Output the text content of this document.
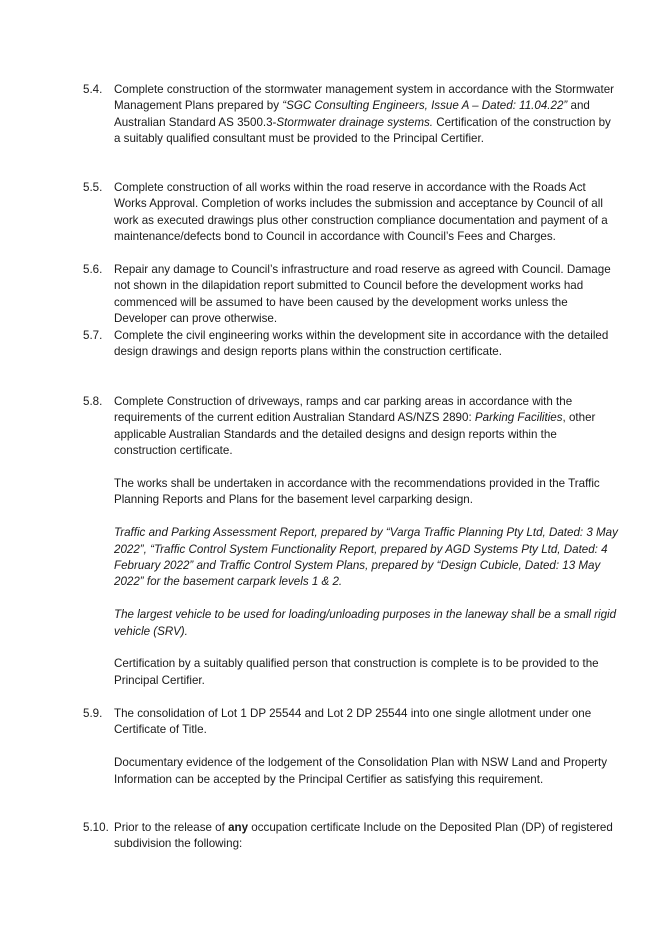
5.4.	Complete construction of the stormwater management system in accordance with the Stormwater Management Plans prepared by “SGC Consulting Engineers, Issue A – Dated: 11.04.22” and Australian Standard AS 3500.3-Stormwater drainage systems. Certification of the construction by a suitably qualified consultant must be provided to the Principal Certifier.

5.5.	Complete construction of all works within the road reserve in accordance with the Roads Act Works Approval. Completion of works includes the submission and acceptance by Council of all work as executed drawings plus other construction compliance documentation and payment of a maintenance/defects bond to Council in accordance with Council’s Fees and Charges.

5.6.	Repair any damage to Council’s infrastructure and road reserve as agreed with Council. Damage not shown in the dilapidation report submitted to Council before the development works had commenced will be assumed to have been caused by the development works unless the Developer can prove otherwise.

5.7.	Complete the civil engineering works within the development site in accordance with the detailed design drawings and design reports plans within the construction certificate.

5.8.	Complete Construction of driveways, ramps and car parking areas in accordance with the requirements of the current edition Australian Standard AS/NZS 2890: Parking Facilities, other applicable Australian Standards and the detailed designs and design reports within the construction certificate.

The works shall be undertaken in accordance with the recommendations provided in the Traffic Planning Reports and Plans for the basement level carparking design.

Traffic and Parking Assessment Report, prepared by “Varga Traffic Planning Pty Ltd, Dated: 3 May 2022”, “Traffic Control System Functionality Report, prepared by AGD Systems Pty Ltd, Dated: 4 February 2022” and Traffic Control System Plans, prepared by “Design Cubicle, Dated: 13 May 2022” for the basement carpark levels 1 & 2.

The largest vehicle to be used for loading/unloading purposes in the laneway shall be a small rigid vehicle (SRV).

Certification by a suitably qualified person that construction is complete is to be provided to the Principal Certifier.

5.9.	The consolidation of Lot 1 DP 25544 and Lot 2 DP 25544 into one single allotment under one Certificate of Title.

Documentary evidence of the lodgement of the Consolidation Plan with NSW Land and Property Information can be accepted by the Principal Certifier as satisfying this requirement.

5.10. Prior to the release of any occupation certificate Include on the Deposited Plan (DP) of registered subdivision the following:
